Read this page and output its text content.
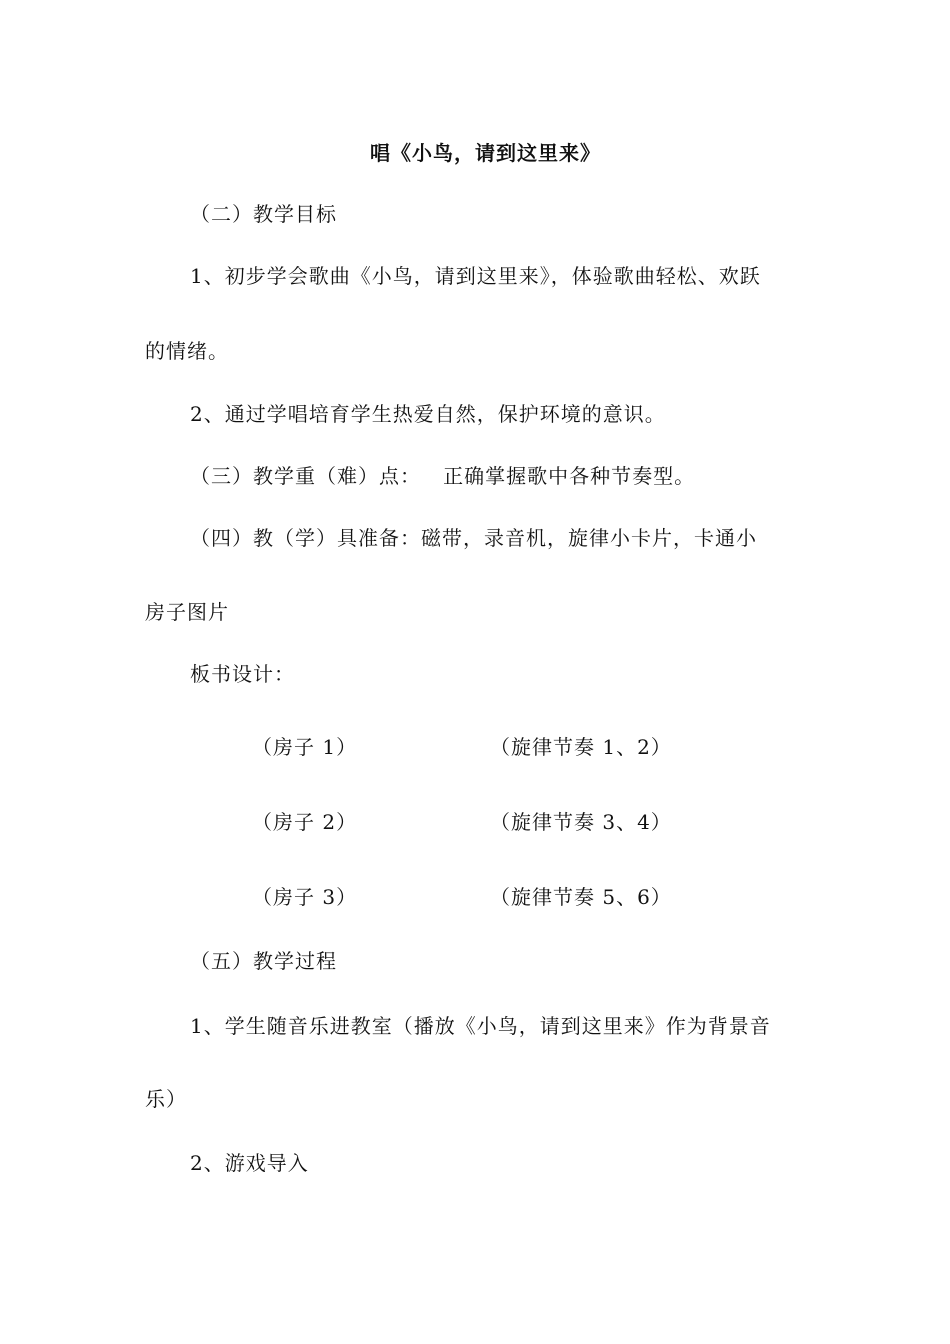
唱《小鸟，请到这里来》
（二）教学目标
1、初步学会歌曲《小鸟，请到这里来》，体验歌曲轻松、欢跃
的情绪。
2、通过学唱培育学生热爱自然，保护环境的意识。
（三）教学重（难）点：   正确掌握歌中各种节奏型。
（四）教（学）具准备：磁带，录音机，旋律小卡片，卡通小
房子图片
板书设计：
（房子 1）	（旋律节奏 1、2）
（房子 2）	（旋律节奏 3、4）
（房子 3）	（旋律节奏 5、6）
（五）教学过程
1、学生随音乐进教室（播放《小鸟，请到这里来》作为背景音
乐）
2、游戏导入
